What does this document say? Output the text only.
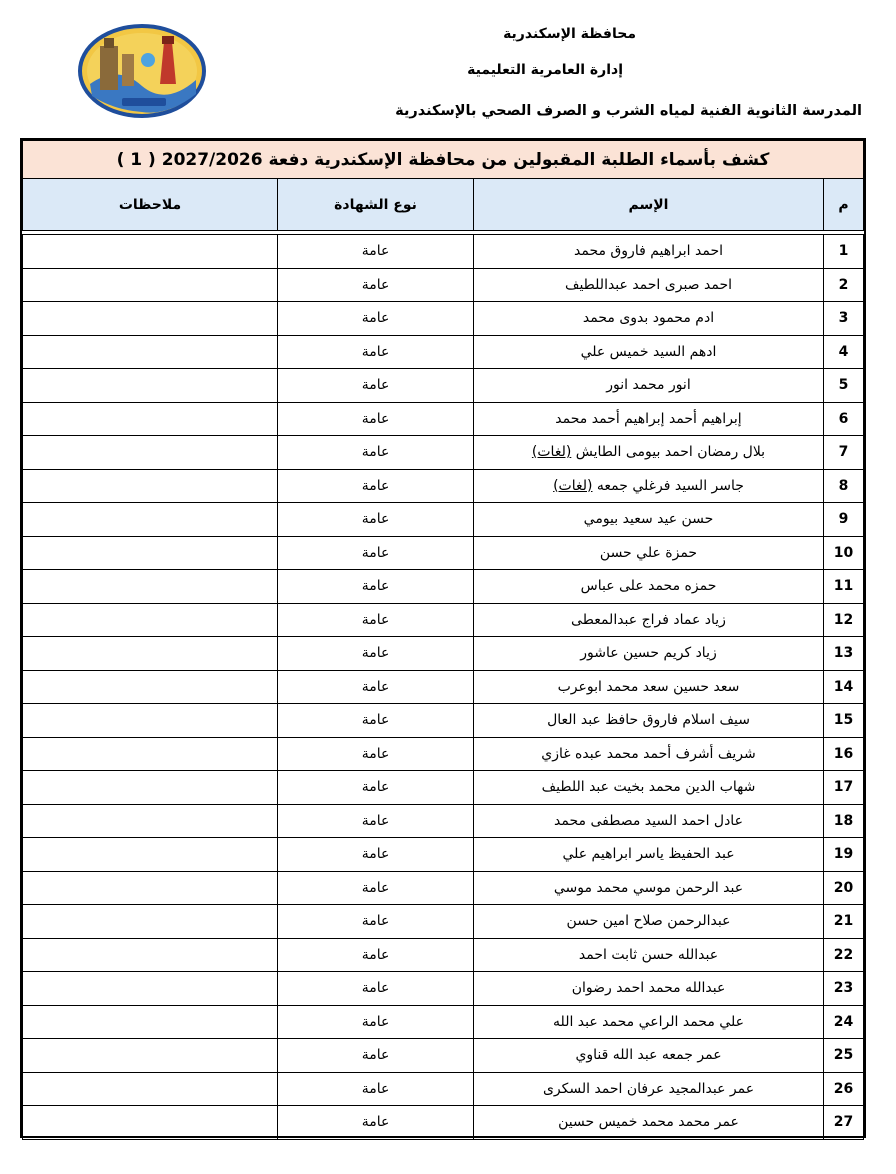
محافظة الإسكندرية
إدارة العامرية التعليمية
المدرسة الثانوية الفنية لمياه الشرب و الصرف الصحي بالإسكندرية
كشف بأسماء الطلبة المقبولين من محافظة الإسكندرية دفعة 2027/2026 ( 1 )			
م	الإسم	نوع الشهادة	ملاحظات

1	احمد ابراهيم فاروق محمد	عامة	
2	احمد صبرى احمد عبداللطيف	عامة	
3	ادم محمود بدوى محمد	عامة	
4	ادهم السيد خميس علي	عامة	
5	انور محمد انور	عامة	
6	إبراهيم أحمد إبراهيم أحمد محمد	عامة	
7	بلال رمضان احمد بيومى الطايش (لغات)	عامة	
8	جاسر السيد فرغلي جمعه (لغات)	عامة	
9	حسن عيد سعيد بيومي	عامة	
10	حمزة علي حسن	عامة	
11	حمزه محمد على عباس	عامة	
12	زياد عماد فراج عبدالمعطى	عامة	
13	زياد كريم حسين عاشور	عامة	
14	سعد حسين سعد محمد ابوعرب	عامة	
15	سيف اسلام فاروق حافظ عبد العال	عامة	
16	شريف أشرف أحمد محمد عبده غازي	عامة	
17	شهاب الدين محمد بخيت عبد اللطيف	عامة	
18	عادل احمد السيد مصطفى محمد	عامة	
19	عبد الحفيظ ياسر ابراهيم علي	عامة	
20	عبد الرحمن موسي محمد موسي	عامة	
21	عبدالرحمن صلاح امين حسن	عامة	
22	عبدالله حسن ثابت احمد	عامة	
23	عبدالله محمد احمد رضوان	عامة	
24	علي محمد الراعي محمد عبد الله	عامة	
25	عمر جمعه عبد الله قناوي	عامة	
26	عمر عبدالمجيد عرفان احمد السكرى	عامة	
27	عمر محمد محمد خميس حسين	عامة	
